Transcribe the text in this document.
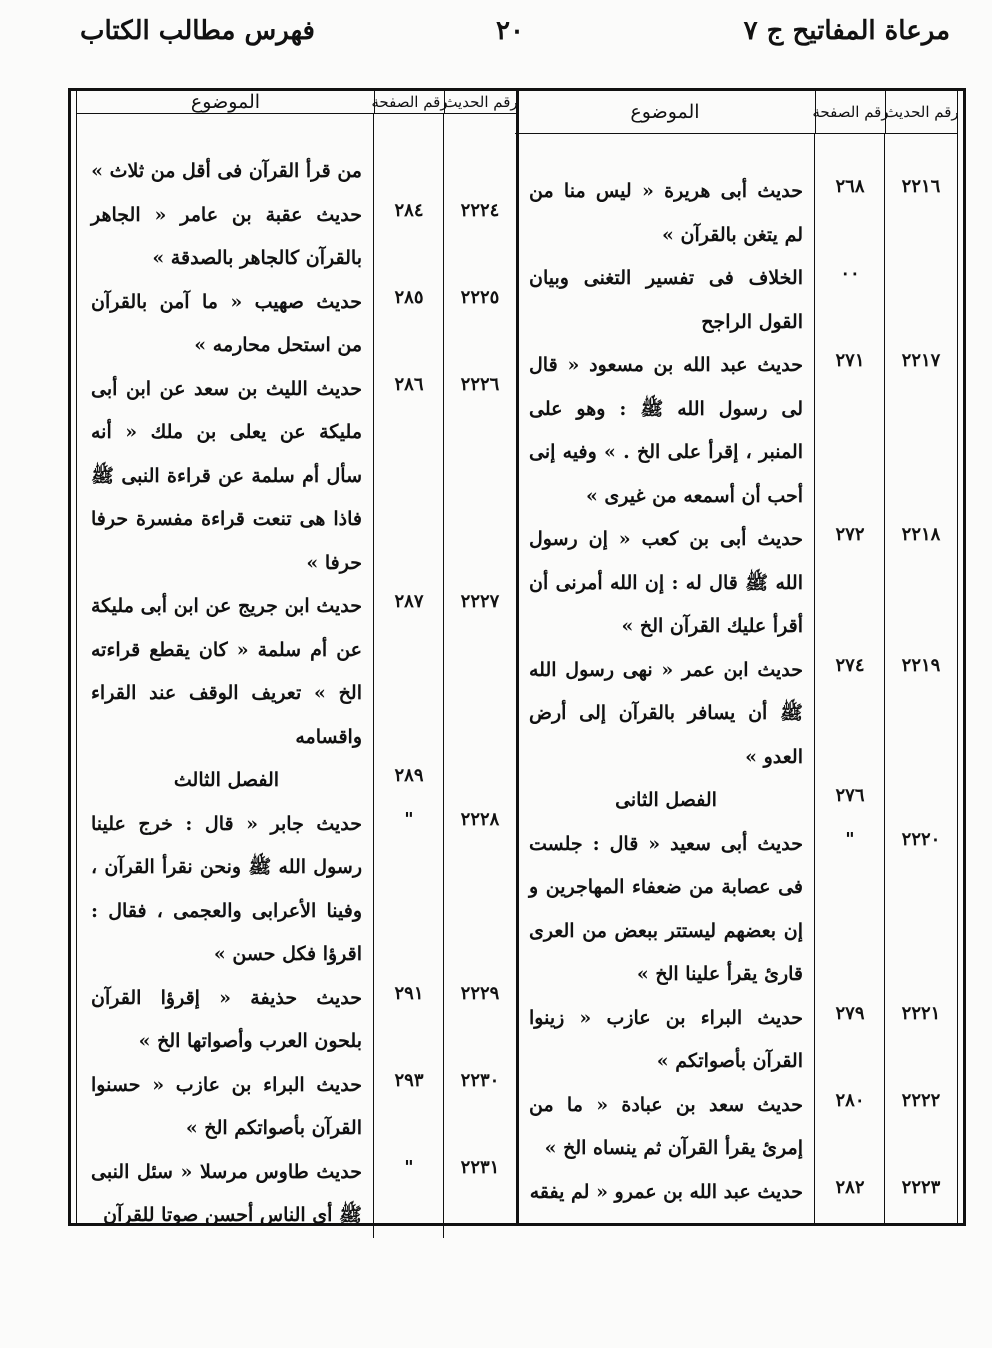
مرعاة المفاتيح ج ٧
٢٠
فهرس مطالب الكتاب
رقم الحديث
رقم الصفحة
الموضوع
٢٢١٦
٢٦٨
حديث أبى هريرة « ليس منا من لم يتغن بالقرآن »
٠٠
الخلاف فى تفسير التغنى وبيان القول الراجح
٢٢١٧
٢٧١
حديث عبد الله بن مسعود « قال لى رسول الله ﷺ : وهو على المنبر ، إقرأ على الخ . » وفيه إنى أحب أن أسمعه من غيرى »
٢٢١٨
٢٧٢
حديث أبى بن كعب « إن رسول الله ﷺ قال له : إن الله أمرنى أن أقرأ عليك القرآن الخ »
٢٢١٩
٢٧٤
حديث ابن عمر « نهى رسول الله ﷺ أن يسافر بالقرآن إلى أرض العدو »
٢٧٦
الفصل الثانى
٢٢٢٠
"
حديث أبى سعيد « قال : جلست فى عصابة من ضعفاء المهاجرين و إن بعضهم ليستتر ببعض من العرى قارئ يقرأ علينا الخ »
٢٢٢١
٢٧٩
حديث البراء بن عازب « زينوا القرآن بأصواتكم »
٢٢٢٢
٢٨٠
حديث سعد بن عبادة « ما من إمرئ يقرأ القرآن ثم ينساه الخ »
٢٢٢٣
٢٨٢
حديث عبد الله بن عمرو « لم يفقه
رقم الحديث
رقم الصفحة
الموضوع
من قرأ القرآن فى أقل من ثلاث »
٢٢٢٤
٢٨٤
حديث عقبة بن عامر « الجاهر بالقرآن كالجاهر بالصدقة »
٢٢٢٥
٢٨٥
حديث صهيب « ما آمن بالقرآن من استحل محارمه »
٢٢٢٦
٢٨٦
حديث الليث بن سعد عن ابن أبى مليكة عن يعلى بن ملك « أنه سأل أم سلمة عن قراءة النبى ﷺ فاذا هى تنعت قراءة مفسرة حرفا حرفا »
٢٢٢٧
٢٨٧
حديث ابن جريج عن ابن أبى مليكة عن أم سلمة « كان يقطع قراءته الخ » تعريف الوقف عند القراء واقسامه
٢٨٩
الفصل الثالث
٢٢٢٨
"
حديث جابر « قال : خرج علينا رسول الله ﷺ ونحن نقرأ القرآن ، وفينا الأعرابى والعجمى ، فقال : اقرؤا فكل حسن »
٢٢٢٩
٢٩١
حديث حذيفة « إقرؤا القرآن بلحون العرب وأصواتها الخ »
٢٢٣٠
٢٩٣
حديث البراء بن عازب « حسنوا القرآن بأصواتكم الخ »
٢٢٣١
"
حديث طاوس مرسلا « سئل النبى ﷺ أى الناس أحسن صوتا للقرآن
